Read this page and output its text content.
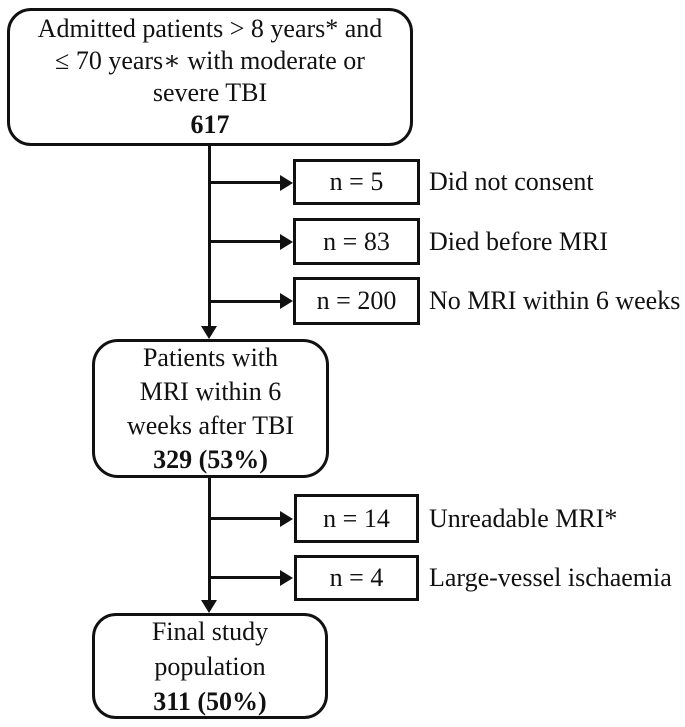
Admitted patients > 8 years* and
≤ 70 years∗ with moderate or
severe TBI
617
n = 5 Did not consent
n = 83 Died before MRI
n = 200 No MRI within 6 weeks
Patients with
MRI within 6
weeks after TBI
329 (53%)
n = 14 Unreadable MRI*
n = 4 Large-vessel ischaemia
Final study
population
311 (50%)
